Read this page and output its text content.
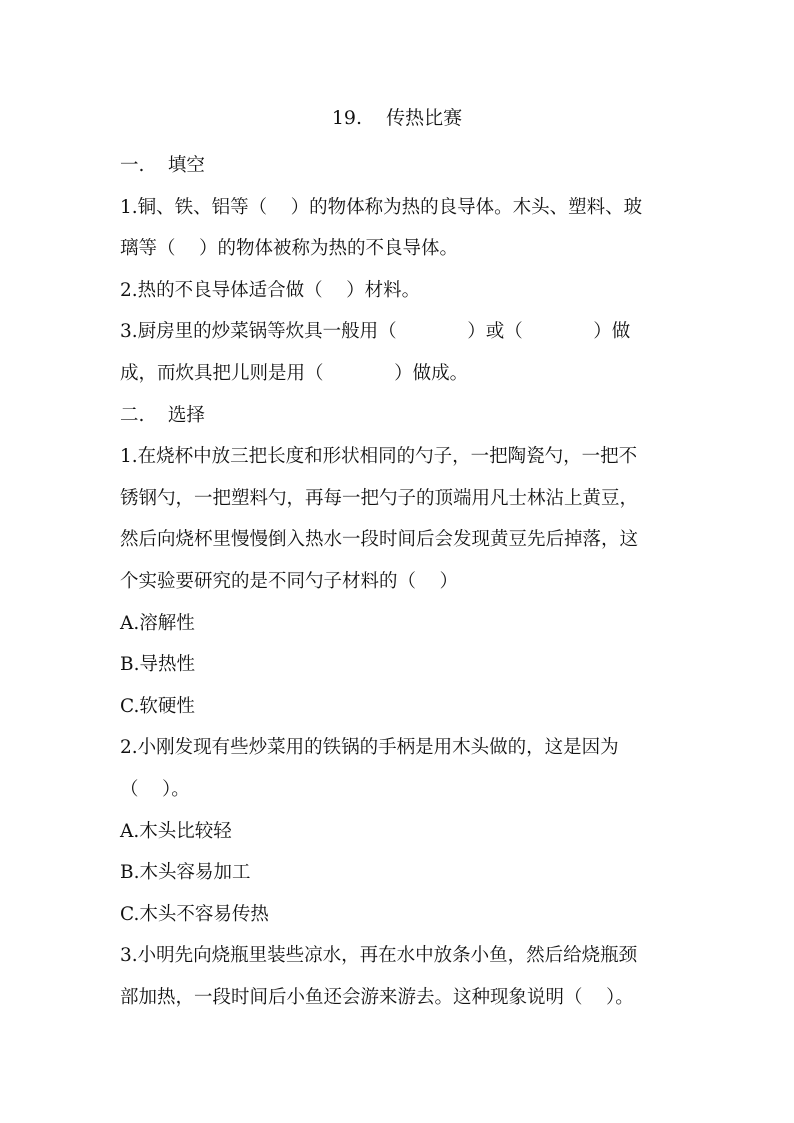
19.    传热比赛
一.    填空
1.铜、铁、铝等（    ）的物体称为热的良导体。木头、塑料、玻
璃等（    ）的物体被称为热的不良导体。
2.热的不良导体适合做（    ）材料。
3.厨房里的炒菜锅等炊具一般用（            ）或（            ）做
成，而炊具把儿则是用（            ）做成。
二.    选择
1.在烧杯中放三把长度和形状相同的勺子，一把陶瓷勺，一把不
锈钢勺，一把塑料勺，再每一把勺子的顶端用凡士林沾上黄豆，
然后向烧杯里慢慢倒入热水一段时间后会发现黄豆先后掉落，这
个实验要研究的是不同勺子材料的（    ）
A.溶解性
B.导热性
C.软硬性
2.小刚发现有些炒菜用的铁锅的手柄是用木头做的，这是因为
（    ）。
A.木头比较轻
B.木头容易加工
C.木头不容易传热
3.小明先向烧瓶里装些凉水，再在水中放条小鱼，然后给烧瓶颈
部加热，一段时间后小鱼还会游来游去。这种现象说明（    ）。
